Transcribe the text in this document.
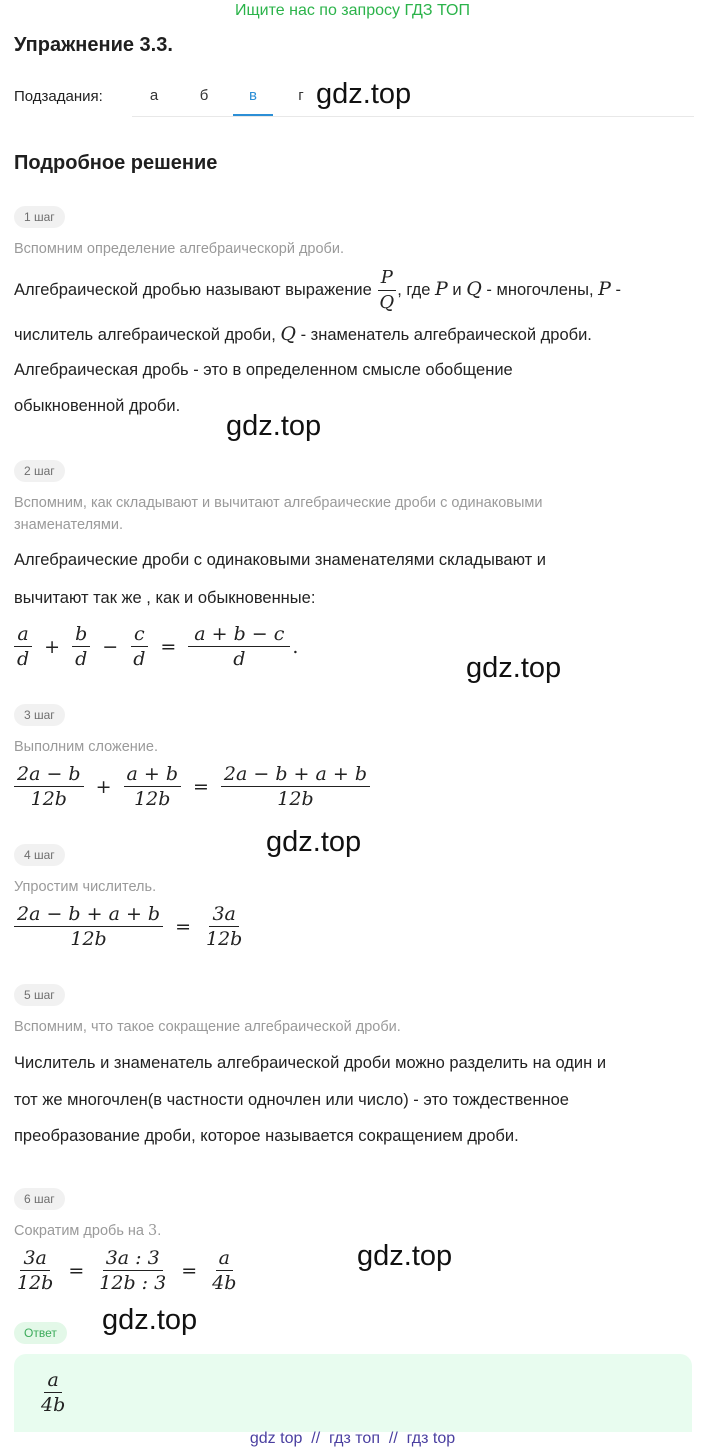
Ищите нас по запросу ГДЗ ТОП
Упражнение 3.3.
Подзадания:	а	б	в	г gdz.top
Подробное решение
1 шаг
Вспомним определение алгебраическорй дроби.
Алгебраической дробью называют выражение $\frac{P}{Q}$ , где P и Q - многочлены, P -
числитель алгебраической дроби, Q - знаменатель алгебраической дроби.
Алгебраическая дробь - это в определенном смысле обобщение
обыкновенной дроби.
gdz.top
2 шаг
Вспомним, как складывают и вычитают алгебраические дроби с одинаковыми знаменателями.
Алгебраические дроби с одинаковыми знаменателями складывают и
вычитают так же , как и обыкновенные:
$\frac{a}{d} + \frac{b}{d} - \frac{c}{d} = \frac{a + b - c}{d}$ .
gdz.top
3 шаг
Выполним сложение.
$\frac{2a - b}{12b} + \frac{a + b}{12b} = \frac{2a - b + a + b}{12b}$
gdz.top
4 шаг
Упростим числитель.
$\frac{2a - b + a + b}{12b} = \frac{3a}{12b}$
5 шаг
Вспомним, что такое сокращение алгебраической дроби.
Числитель и знаменатель алгебраической дроби можно разделить на один и
тот же многочлен(в частности одночлен или число) - это тождественное
преобразование дроби, которое называется сокращением дроби.
6 шаг
Сократим дробь на 3.
$\frac{3a}{12b} = \frac{3a : 3}{12b : 3} = \frac{a}{4b}$	gdz.top
Ответ	gdz.top
$\frac{a}{4b}$
gdz top  //  гдз топ  //  гдз top
